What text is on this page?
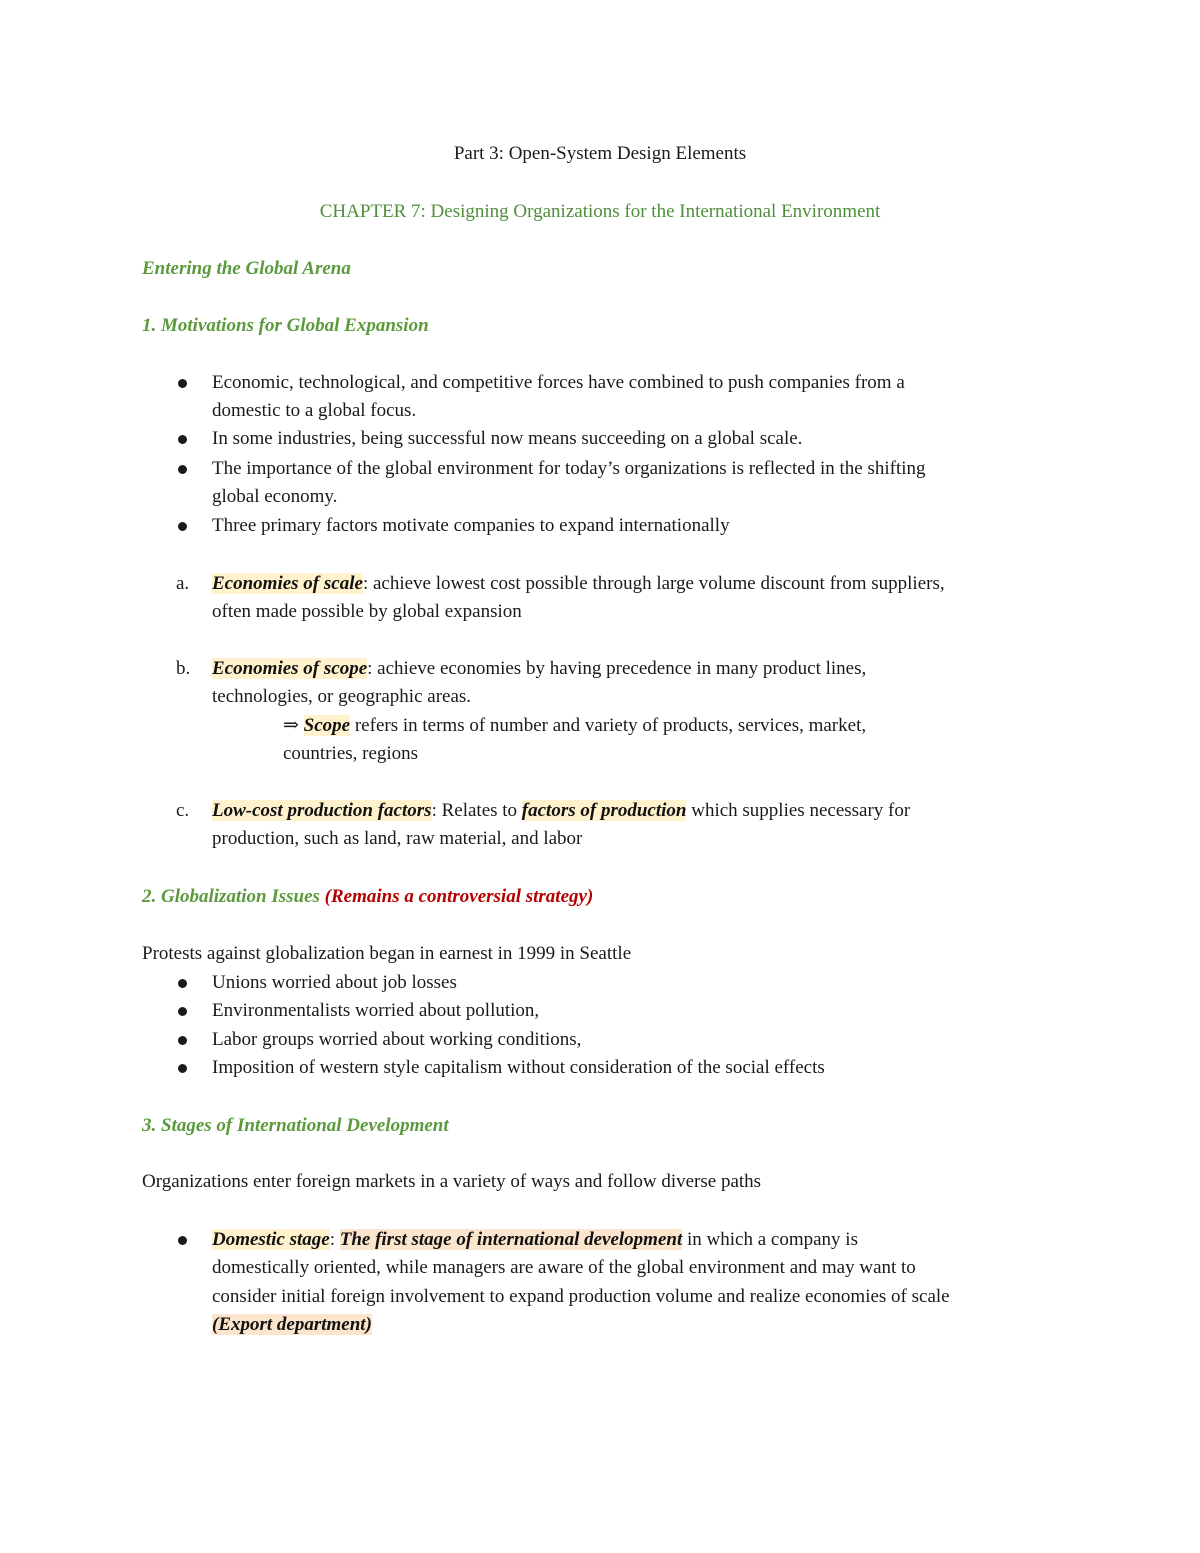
Part 3: Open-System Design Elements
CHAPTER 7: Designing Organizations for the International Environment
Entering the Global Arena
1. Motivations for Global Expansion
Economic, technological, and competitive forces have combined to push companies from a
domestic to a global focus.
In some industries, being successful now means succeeding on a global scale.
The importance of the global environment for today’s organizations is reflected in the shifting
global economy.
Three primary factors motivate companies to expand internationally
a. Economies of scale: achieve lowest cost possible through large volume discount from suppliers,
often made possible by global expansion
b. Economies of scope: achieve economies by having precedence in many product lines,
technologies, or geographic areas.
⇒ Scope refers in terms of number and variety of products, services, market,
countries, regions
c. Low-cost production factors: Relates to factors of production which supplies necessary for
production, such as land, raw material, and labor
2. Globalization Issues (Remains a controversial strategy)
Protests against globalization began in earnest in 1999 in Seattle
Unions worried about job losses
Environmentalists worried about pollution,
Labor groups worried about working conditions,
Imposition of western style capitalism without consideration of the social effects
3. Stages of International Development
Organizations enter foreign markets in a variety of ways and follow diverse paths
Domestic stage: The first stage of international development in which a company is
domestically oriented, while managers are aware of the global environment and may want to
consider initial foreign involvement to expand production volume and realize economies of scale
(Export department)
